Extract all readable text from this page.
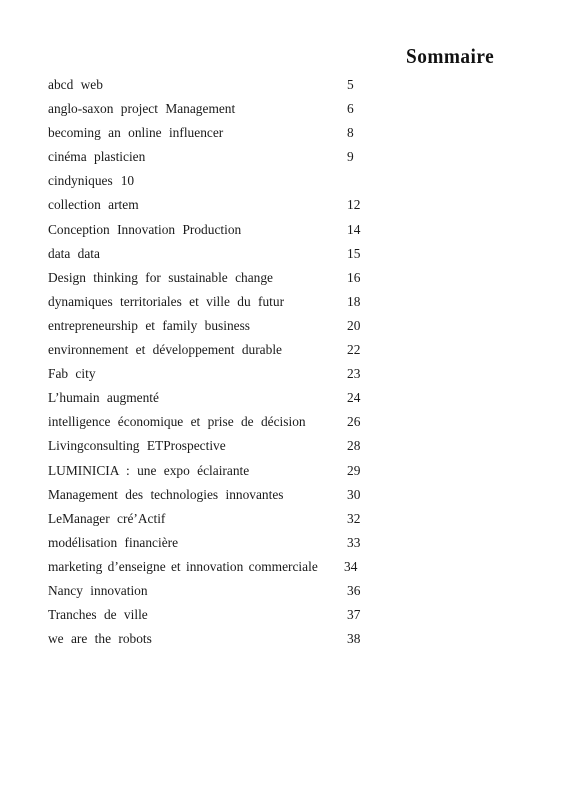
Sommaire
abcd web	5
anglo-saxon project Management	6
becoming an online influencer	8
cinéma plasticien	9
cindyniques 10
collection artem	12
Conception Innovation Production	14
data data	15
Design thinking for sustainable change	16
dynamiques territoriales et ville du futur	18
entrepreneurship et family business	20
environnement et développement durable	22
Fab city	23
L’humain augmenté	24
intelligence économique et prise de décision	26
Livingconsulting ETProspective	28
LUMINICIA : une expo éclairante	29
Management des technologies innovantes	30
LeManager cré’Actif	32
modélisation financière	33
marketing d’enseigne et innovation commerciale 34
Nancy innovation	36
Tranches de ville	37
we are the robots	38
